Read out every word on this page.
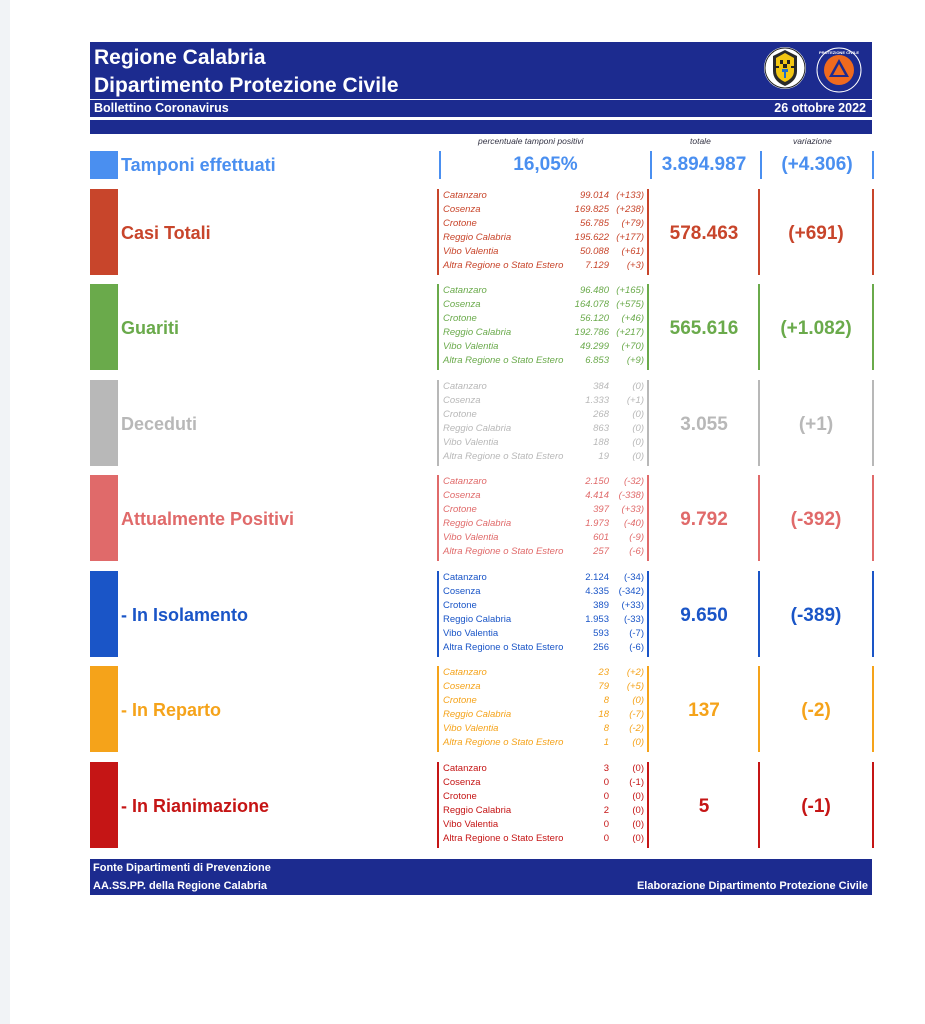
Regione Calabria
Dipartimento Protezione Civile
Bollettino Coronavirus	26 ottobre 2022
PROTEZIONE CIVILE
percentuale tamponi positivi	totale	variazione
Tamponi effettuati	16,05%	3.894.987	(+4.306)
Casi Totali
Catanzaro	99.014 (+133)
Cosenza	169.825 (+238)
Crotone	56.785 (+79)
Reggio Calabria	195.622 (+177)
Vibo Valentia	50.088 (+61)
Altra Regione o Stato Estero 7.129 (+3)
578.463	(+691)
Guariti
Catanzaro	96.480 (+165)
Cosenza	164.078 (+575)
Crotone	56.120 (+46)
Reggio Calabria	192.786 (+217)
Vibo Valentia	49.299 (+70)
Altra Regione o Stato Estero 6.853 (+9)
565.616	(+1.082)
Deceduti
Catanzaro	384 (0)
Cosenza	1.333 (+1)
Crotone	268 (0)
Reggio Calabria	863 (0)
Vibo Valentia	188 (0)
Altra Regione o Stato Estero	19 (0)
3.055	(+1)
Attualmente Positivi
Catanzaro	2.150 (-32)
Cosenza	4.414 (-338)
Crotone	397 (+33)
Reggio Calabria	1.973 (-40)
Vibo Valentia	601 (-9)
Altra Regione o Stato Estero	257 (-6)
9.792	(-392)
- In Isolamento
Catanzaro	2.124 (-34)
Cosenza	4.335 (-342)
Crotone	389 (+33)
Reggio Calabria	1.953 (-33)
Vibo Valentia	593 (-7)
Altra Regione o Stato Estero	256 (-6)
9.650	(-389)
- In Reparto
Catanzaro	23 (+2)
Cosenza	79 (+5)
Crotone	8 (0)
Reggio Calabria	18 (-7)
Vibo Valentia	8 (-2)
Altra Regione o Stato Estero	1 (0)
137	(-2)
- In Rianimazione
Catanzaro	3 (0)
Cosenza	0 (-1)
Crotone	0 (0)
Reggio Calabria	2 (0)
Vibo Valentia	0 (0)
Altra Regione o Stato Estero	0 (0)
5	(-1)
Fonte Dipartimenti di Prevenzione
AA.SS.PP. della Regione Calabria	Elaborazione Dipartimento Protezione Civile
